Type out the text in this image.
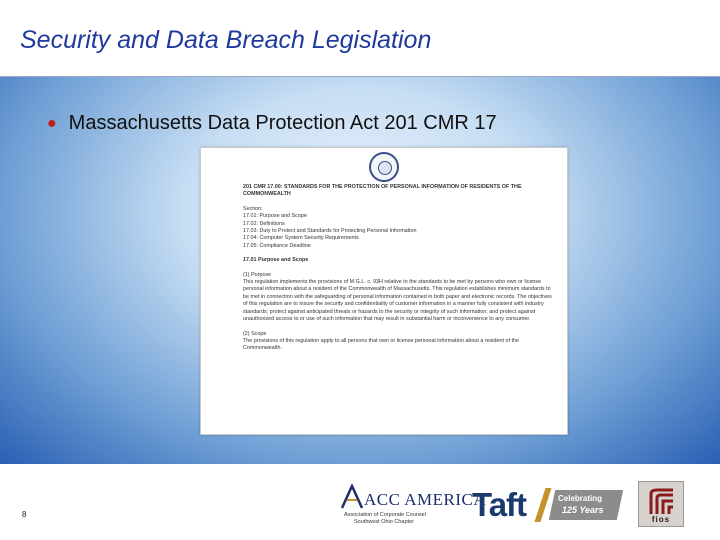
Security and Data Breach Legislation
● Massachusetts Data Protection Act 201 CMR 17

201 CMR 17.00: STANDARDS FOR THE PROTECTION OF PERSONAL INFORMATION OF RESIDENTS OF THE COMMONWEALTH

Section:

17.01: Purpose and Scope

17.02: Definitions

17.03: Duty to Protect and Standards for Protecting Personal Information

17.04: Computer System Security Requirements

17.05: Compliance Deadline

17.01 Purpose and Scope

(1) Purpose

This regulation implements the provisions of M.G.L. c. 93H relative to the standards to be met by persons who own or license personal information about a resident of the Commonwealth of Massachusetts. This regulation establishes minimum standards to be met in connection with the safeguarding of personal information contained in both paper and electronic records. The objectives of this regulation are to insure the security and confidentiality of customer information in a manner fully consistent with industry standards; protect against anticipated threats or hazards to the security or integrity of such information; and protect against unauthorized access to or use of such information that may result in substantial harm or inconvenience to any consumer.

(2) Scope

The provisions of this regulation apply to all persons that own or license personal information about a resident of the Commonwealth.

8
ACC AMERICA
Association of Corporate Counsel
Southwest Ohio Chapter Taft	Celebrating
125 Years
fios
